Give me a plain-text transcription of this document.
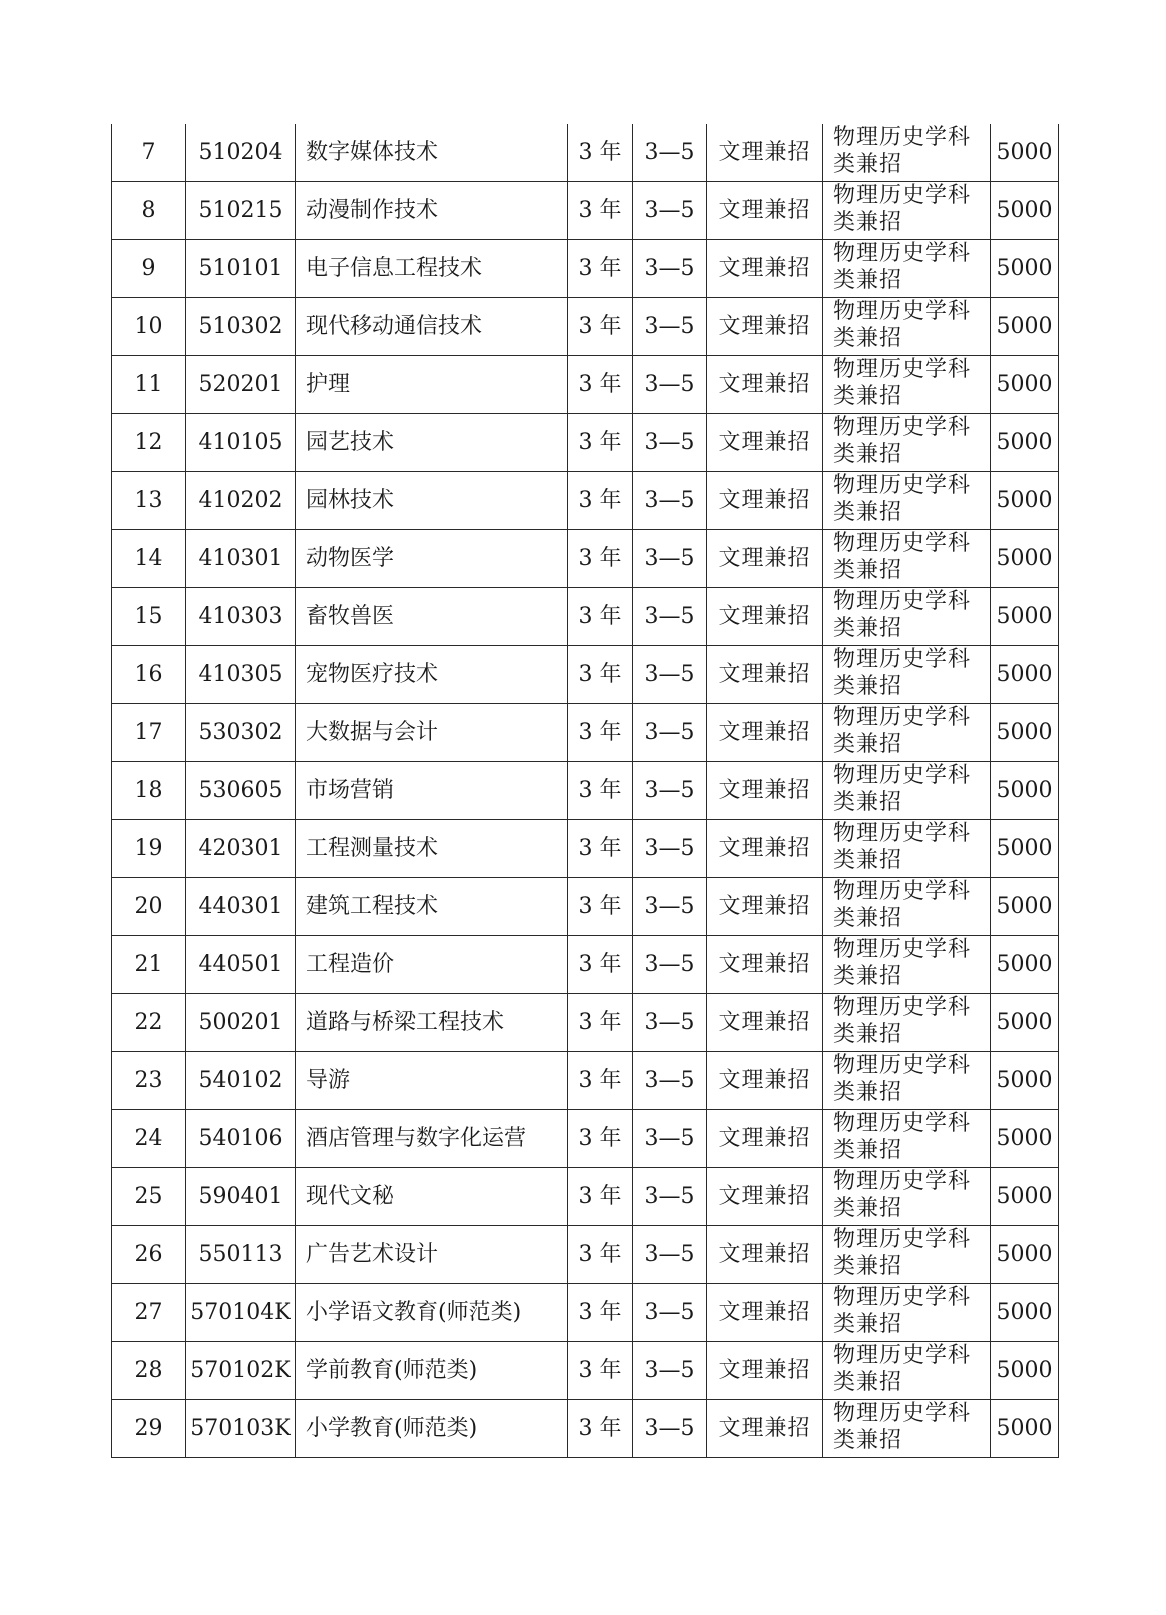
7	510204	数字媒体技术	3 年	3—5	文理兼招	物理历史学科类兼招	5000
8	510215	动漫制作技术	3 年	3—5	文理兼招	物理历史学科类兼招	5000
9	510101	电子信息工程技术	3 年	3—5	文理兼招	物理历史学科类兼招	5000
10	510302	现代移动通信技术	3 年	3—5	文理兼招	物理历史学科类兼招	5000
11	520201	护理	3 年	3—5	文理兼招	物理历史学科类兼招	5000
12	410105	园艺技术	3 年	3—5	文理兼招	物理历史学科类兼招	5000
13	410202	园林技术	3 年	3—5	文理兼招	物理历史学科类兼招	5000
14	410301	动物医学	3 年	3—5	文理兼招	物理历史学科类兼招	5000
15	410303	畜牧兽医	3 年	3—5	文理兼招	物理历史学科类兼招	5000
16	410305	宠物医疗技术	3 年	3—5	文理兼招	物理历史学科类兼招	5000
17	530302	大数据与会计	3 年	3—5	文理兼招	物理历史学科类兼招	5000
18	530605	市场营销	3 年	3—5	文理兼招	物理历史学科类兼招	5000
19	420301	工程测量技术	3 年	3—5	文理兼招	物理历史学科类兼招	5000
20	440301	建筑工程技术	3 年	3—5	文理兼招	物理历史学科类兼招	5000
21	440501	工程造价	3 年	3—5	文理兼招	物理历史学科类兼招	5000
22	500201	道路与桥梁工程技术	3 年	3—5	文理兼招	物理历史学科类兼招	5000
23	540102	导游	3 年	3—5	文理兼招	物理历史学科类兼招	5000
24	540106	酒店管理与数字化运营	3 年	3—5	文理兼招	物理历史学科类兼招	5000
25	590401	现代文秘	3 年	3—5	文理兼招	物理历史学科类兼招	5000
26	550113	广告艺术设计	3 年	3—5	文理兼招	物理历史学科类兼招	5000
27	570104K	小学语文教育(师范类)	3 年	3—5	文理兼招	物理历史学科类兼招	5000
28	570102K	学前教育(师范类)	3 年	3—5	文理兼招	物理历史学科类兼招	5000
29	570103K	小学教育(师范类)	3 年	3—5	文理兼招	物理历史学科类兼招	5000
